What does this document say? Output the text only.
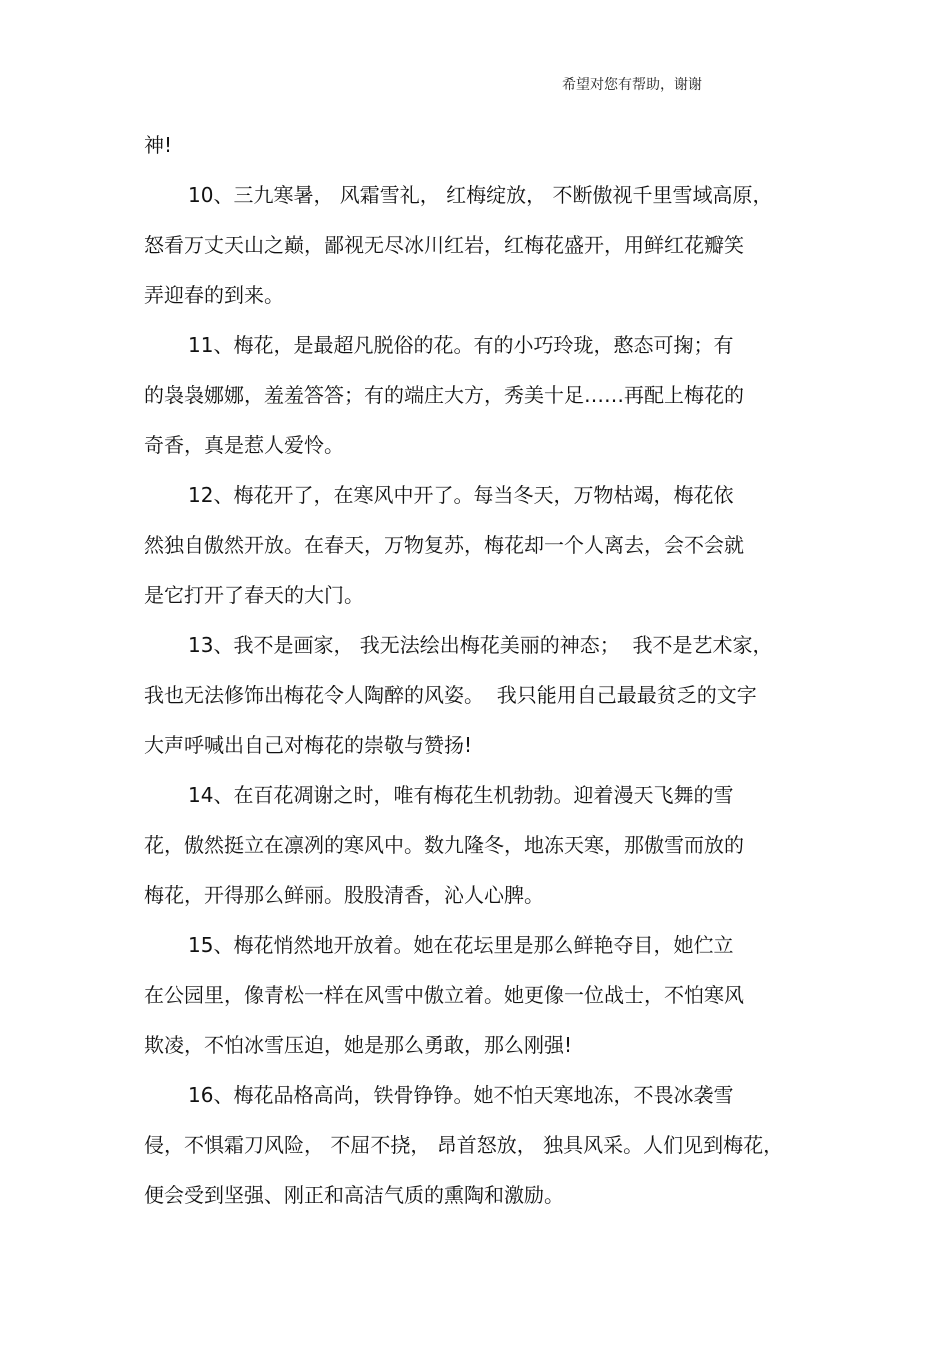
希望对您有帮助，谢谢
神!
10、三九寒暑， 风霜雪礼， 红梅绽放， 不断傲视千里雪域高原，
怒看万丈天山之巅，鄙视无尽冰川红岩，红梅花盛开，用鲜红花瓣笑
弄迎春的到来。
11、梅花，是最超凡脱俗的花。有的小巧玲珑，憨态可掬；有
的袅袅娜娜，羞羞答答；有的端庄大方，秀美十足……再配上梅花的
奇香，真是惹人爱怜。
12、梅花开了，在寒风中开了。每当冬天，万物枯竭，梅花依
然独自傲然开放。在春天，万物复苏，梅花却一个人离去，会不会就
是它打开了春天的大门。
13、我不是画家， 我无法绘出梅花美丽的神态；  我不是艺术家，
我也无法修饰出梅花令人陶醉的风姿。  我只能用自己最最贫乏的文字
大声呼喊出自己对梅花的崇敬与赞扬!
14、在百花凋谢之时，唯有梅花生机勃勃。迎着漫天飞舞的雪
花，傲然挺立在凛冽的寒风中。数九隆冬，地冻天寒，那傲雪而放的
梅花，开得那么鲜丽。股股清香，沁人心脾。
15、梅花悄然地开放着。她在花坛里是那么鲜艳夺目，她伫立
在公园里，像青松一样在风雪中傲立着。她更像一位战士，不怕寒风
欺凌，不怕冰雪压迫，她是那么勇敢，那么刚强!
16、梅花品格高尚，铁骨铮铮。她不怕天寒地冻，不畏冰袭雪
侵，不惧霜刀风险， 不屈不挠， 昂首怒放， 独具风采。人们见到梅花，
便会受到坚强、刚正和高洁气质的熏陶和激励。
